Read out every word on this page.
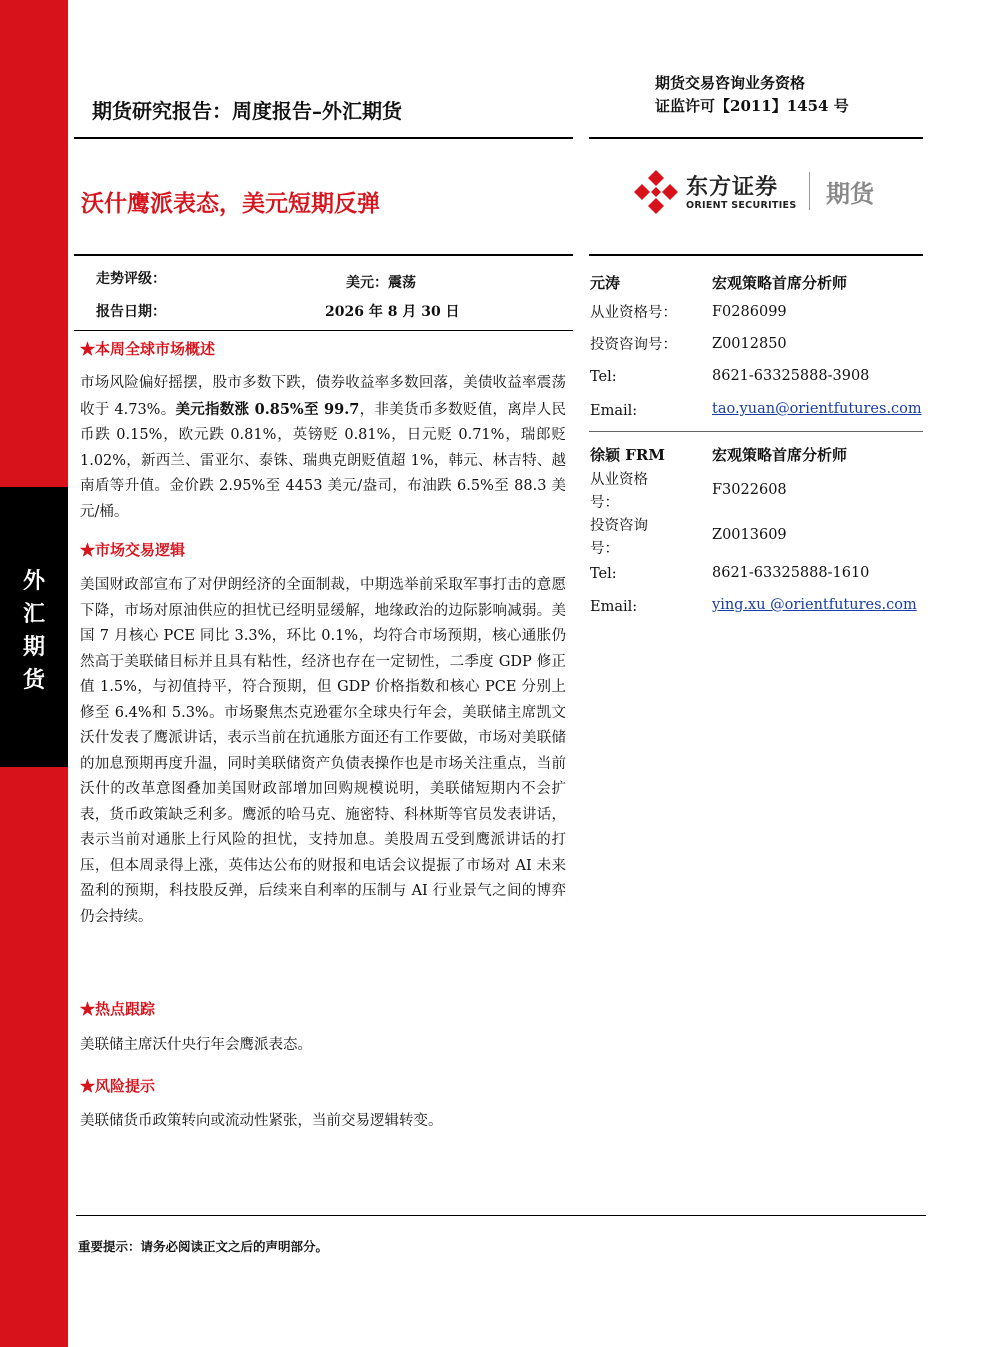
外
汇
期
货
期货研究报告：周度报告–外汇期货
期货交易咨询业务资格
证监许可【2011】1454 号
沃什鹰派表态，美元短期反弹
东方证券
ORIENT SECURITIES 期货
走势评级：	美元：震荡
报告日期：	2026 年 8 月 30 日
★本周全球市场概述
市场风险偏好摇摆，股市多数下跌，债券收益率多数回落，美债收益率震荡收于 4.73%。美元指数涨 0.85%至 99.7，非美货币多数贬值，离岸人民币跌 0.15%，欧元跌 0.81%，英镑贬 0.81%，日元贬 0.71%，瑞郎贬 1.02%，新西兰、雷亚尔、泰铢、瑞典克朗贬值超 1%，韩元、林吉特、越南盾等升值。金价跌 2.95%至 4453 美元/盎司，布油跌 6.5%至 88.3 美元/桶。
★市场交易逻辑
美国财政部宣布了对伊朗经济的全面制裁，中期选举前采取军事打击的意愿下降，市场对原油供应的担忧已经明显缓解，地缘政治的边际影响减弱。美国 7 月核心 PCE 同比 3.3%，环比 0.1%，均符合市场预期，核心通胀仍然高于美联储目标并且具有粘性，经济也存在一定韧性，二季度 GDP 修正值 1.5%，与初值持平，符合预期，但 GDP 价格指数和核心 PCE 分别上修至 6.4%和 5.3%。市场聚焦杰克逊霍尔全球央行年会，美联储主席凯文沃什发表了鹰派讲话，表示当前在抗通胀方面还有工作要做，市场对美联储的加息预期再度升温，同时美联储资产负债表操作也是市场关注重点，当前沃什的改革意图叠加美国财政部增加回购规模说明，美联储短期内不会扩表，货币政策缺乏利多。鹰派的哈马克、施密特、科林斯等官员发表讲话，表示当前对通胀上行风险的担忧，支持加息。美股周五受到鹰派讲话的打压，但本周录得上涨，英伟达公布的财报和电话会议提振了市场对 AI 未来盈利的预期，科技股反弹，后续来自利率的压制与 AI 行业景气之间的博弈仍会持续。
★热点跟踪
美联储主席沃什央行年会鹰派表态。
★风险提示
美联储货币政策转向或流动性紧张，当前交易逻辑转变。
元涛	宏观策略首席分析师
从业资格号： F0286099
投资咨询号： Z0012850
Tel:	8621-63325888-3908
Email:	tao.yuan@orientfutures.com
徐颖 FRM	宏观策略首席分析师
从业资格号：
F3022608
投资咨询号：
Z0013609
Tel:	8621-63325888-1610
Email:	ying.xu @orientfutures.com
重要提示：请务必阅读正文之后的声明部分。
